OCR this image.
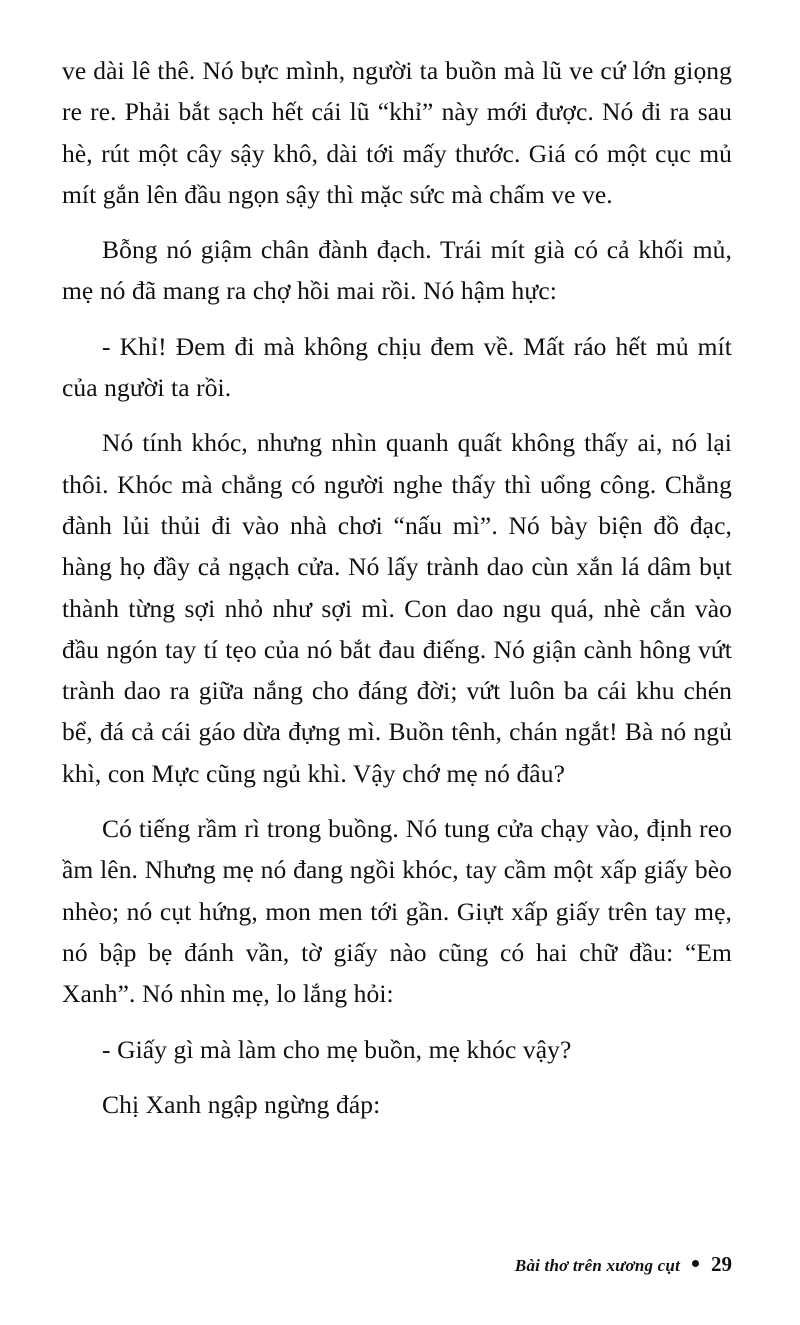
ve dài lê thê. Nó bực mình, người ta buồn mà lũ ve cứ lớn giọng re re. Phải bắt sạch hết cái lũ “khỉ” này mới được. Nó đi ra sau hè, rút một cây sậy khô, dài tới mấy thước. Giá có một cục mủ mít gắn lên đầu ngọn sậy thì mặc sức mà chấm ve ve.

Bỗng nó giậm chân đành đạch. Trái mít già có cả khối mủ, mẹ nó đã mang ra chợ hồi mai rồi. Nó hậm hực:

- Khỉ! Đem đi mà không chịu đem về. Mất ráo hết mủ mít của người ta rồi.

Nó tính khóc, nhưng nhìn quanh quất không thấy ai, nó lại thôi. Khóc mà chẳng có người nghe thấy thì uổng công. Chẳng đành lủi thủi đi vào nhà chơi “nấu mì”. Nó bày biện đồ đạc, hàng họ đầy cả ngạch cửa. Nó lấy trành dao cùn xắn lá dâm bụt thành từng sợi nhỏ như sợi mì. Con dao ngu quá, nhè cắn vào đầu ngón tay tí tẹo của nó bắt đau điếng. Nó giận cành hông vứt trành dao ra giữa nắng cho đáng đời; vứt luôn ba cái khu chén bể, đá cả cái gáo dừa đựng mì. Buồn tênh, chán ngắt! Bà nó ngủ khì, con Mực cũng ngủ khì. Vậy chớ mẹ nó đâu?

Có tiếng rầm rì trong buồng. Nó tung cửa chạy vào, định reo ầm lên. Nhưng mẹ nó đang ngồi khóc, tay cầm một xấp giấy bèo nhèo; nó cụt hứng, mon men tới gần. Giựt xấp giấy trên tay mẹ, nó bập bẹ đánh vần, tờ giấy nào cũng có hai chữ đầu: “Em Xanh”. Nó nhìn mẹ, lo lắng hỏi:

- Giấy gì mà làm cho mẹ buồn, mẹ khóc vậy?

Chị Xanh ngập ngừng đáp:

Bài thơ trên xương cụt 29
